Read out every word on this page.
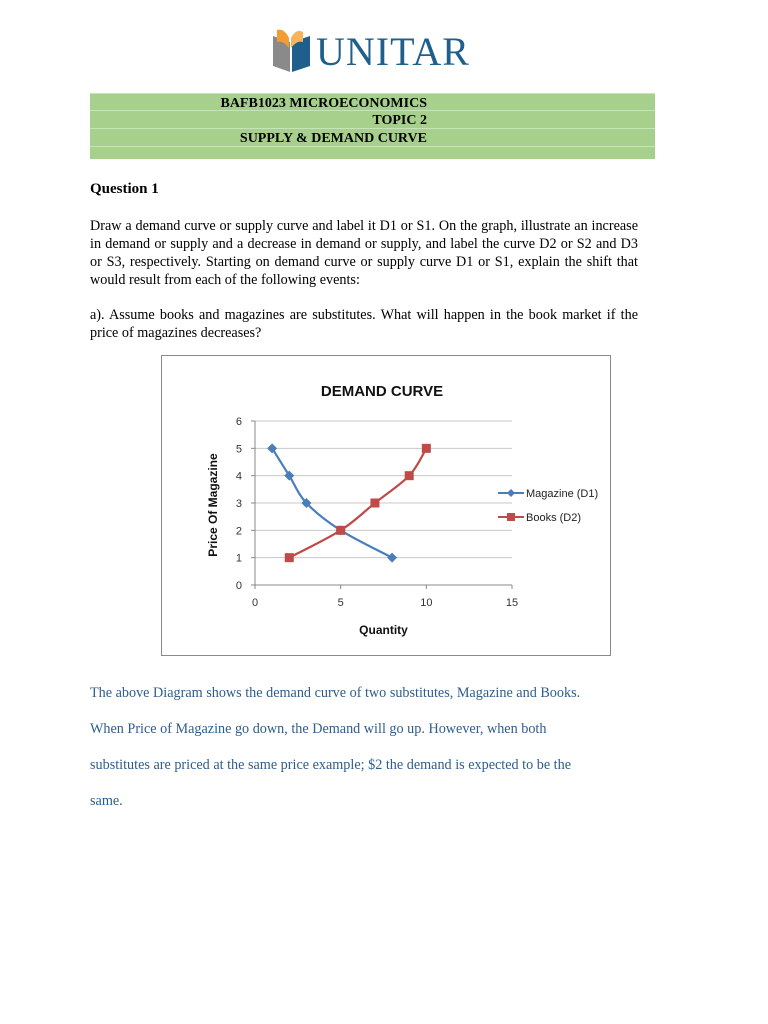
UNITAR
BAFB1023 MICROECONOMICS
TOPIC 2
SUPPLY & DEMAND CURVE
Question 1
Draw a demand curve or supply curve and label it D1 or S1. On the graph, illustrate an increase in demand or supply and a decrease in demand or supply, and label the curve D2 or S2 and D3 or S3, respectively. Starting on demand curve or supply curve D1 or S1, explain the shift that would result from each of the following events:
a). Assume books and magazines are substitutes. What will happen in the book market if the price of magazines decreases?
DEMAND CURVE
0
1
2
3
4
5
6
0	5	10	15
Quantity
Price Of Magazine	Magazine (D1)
Books (D2)
The above Diagram shows the demand curve of two substitutes, Magazine and Books.
When Price of Magazine go down, the Demand will go up. However, when both
substitutes are priced at the same price example; $2 the demand is expected to be the
same.
